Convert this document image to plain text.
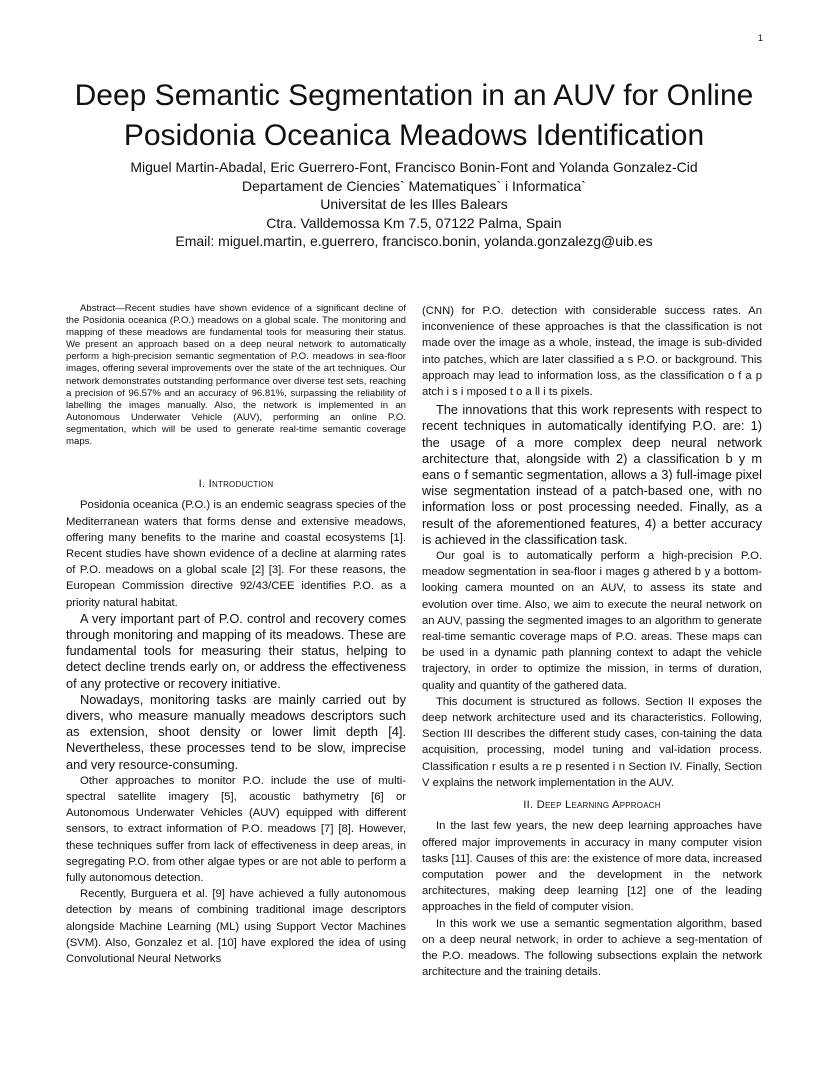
1
Deep Semantic Segmentation in an AUV for Online
Posidonia Oceanica Meadows Identification
Miguel Martin-Abadal, Eric Guerrero-Font, Francisco Bonin-Font and Yolanda Gonzalez-Cid
Departament de Ciencies` Matematiques` i Informatica`
Universitat de les Illes Balears
Ctra. Valldemossa Km 7.5, 07122 Palma, Spain
Email: miguel.martin, e.guerrero, francisco.bonin, yolanda.gonzalezg@uib.es

Abstract—Recent studies have shown evidence of a significant decline of the Posidonia oceanica (P.O.) meadows on a global scale. The monitoring and mapping of these meadows are fundamental tools for measuring their status. We present an approach based on a deep neural network to automatically perform a high-precision semantic segmentation of P.O. meadows in sea-floor images, offering several improvements over the state of the art techniques. Our network demonstrates outstanding performance over diverse test sets, reaching a precision of 96.57% and an accuracy of 96.81%, surpassing the reliability of labelling the images manually. Also, the network is implemented in an Autonomous Underwater Vehicle (AUV), performing an online P.O. segmentation, which will be used to generate real-time semantic coverage maps.

I. Introduction

Posidonia oceanica (P.O.) is an endemic seagrass species of the Mediterranean waters that forms dense and extensive meadows, offering many benefits to the marine and coastal ecosystems [1]. Recent studies have shown evidence of a decline at alarming rates of P.O. meadows on a global scale [2] [3]. For these reasons, the European Commission directive 92/43/CEE identifies P.O. as a priority natural habitat.

A very important part of P.O. control and recovery comes through monitoring and mapping of its meadows. These are fundamental tools for measuring their status, helping to detect decline trends early on, or address the effectiveness of any protective or recovery initiative.

Nowadays, monitoring tasks are mainly carried out by divers, who measure manually meadows descriptors such as extension, shoot density or lower limit depth [4]. Nevertheless, these processes tend to be slow, imprecise and very resource-consuming.

Other approaches to monitor P.O. include the use of multi-spectral satellite imagery [5], acoustic bathymetry [6] or Autonomous Underwater Vehicles (AUV) equipped with different sensors, to extract information of P.O. meadows [7] [8]. However, these techniques suffer from lack of effectiveness in deep areas, in segregating P.O. from other algae types or are not able to perform a fully autonomous detection.

Recently, Burguera et al. [9] have achieved a fully autonomous detection by means of combining traditional image descriptors alongside Machine Learning (ML) using Support Vector Machines (SVM). Also, Gonzalez et al. [10] have explored the idea of using Convolutional Neural Networks

(CNN) for P.O. detection with considerable success rates. An inconvenience of these approaches is that the classification is not made over the image as a whole, instead, the image is sub-divided into patches, which are later classified a s P.O. or background. This approach may lead to information loss, as the classification o f a p atch i s i mposed t o a ll i ts pixels.

The innovations that this work represents with respect to recent techniques in automatically identifying P.O. are: 1) the usage of a more complex deep neural network architecture that, alongside with 2) a classification b y m eans o f semantic segmentation, allows a 3) full-image pixel wise segmentation instead of a patch-based one, with no information loss or post processing needed. Finally, as a result of the aforementioned features, 4) a better accuracy is achieved in the classification task.

Our goal is to automatically perform a high-precision P.O. meadow segmentation in sea-floor i mages g athered b y a bottom-looking camera mounted on an AUV, to assess its state and evolution over time. Also, we aim to execute the neural network on an AUV, passing the segmented images to an algorithm to generate real-time semantic coverage maps of P.O. areas. These maps can be used in a dynamic path planning context to adapt the vehicle trajectory, in order to optimize the mission, in terms of duration, quality and quantity of the gathered data.

This document is structured as follows. Section II exposes the deep network architecture used and its characteristics. Following, Section III describes the different study cases, con-taining the data acquisition, processing, model tuning and val-idation process. Classification r esults a re p resented i n Section IV. Finally, Section V explains the network implementation in the AUV.

II. Deep Learning Approach

In the last few years, the new deep learning approaches have offered major improvements in accuracy in many computer vision tasks [11]. Causes of this are: the existence of more data, increased computation power and the development in the network architectures, making deep learning [12] one of the leading approaches in the field of computer vision.

In this work we use a semantic segmentation algorithm, based on a deep neural network, in order to achieve a seg-mentation of the P.O. meadows. The following subsections explain the network architecture and the training details.
